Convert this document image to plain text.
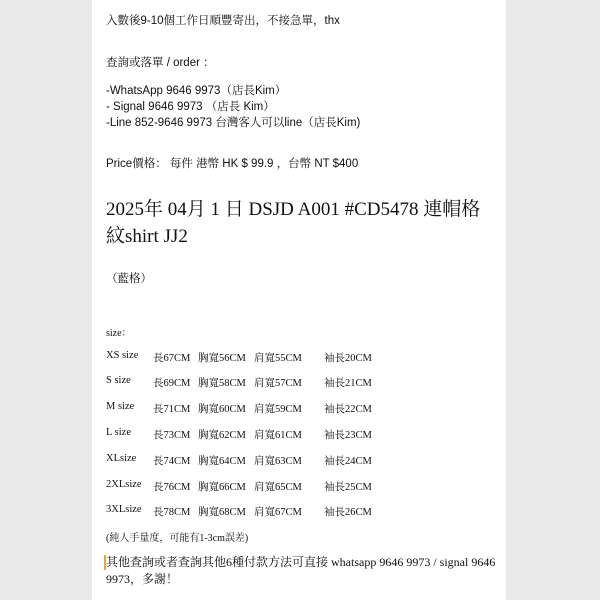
入數後9-10個工作日順豐寄出，不接急單，thx
查詢或落單 / order ：
-WhatsApp 9646 9973（店長Kim）
- Signal 9646 9973 （店長 Kim）
-Line 852-9646 9973 台灣客人可以line（店長Kim)
Price價格： 每件 港幣 HK $ 99.9 ，台幣 NT $400
2025年 04月 1 日 DSJD A001 #CD5478 連帽格紋shirt JJ2
（藍格）
size：
XS size 長67CM 胸寬56CM 肩寬55CM 袖長20CM
S size 長69CM 胸寬58CM 肩寬57CM 袖長21CM
M size 長71CM 胸寬60CM 肩寬59CM 袖長22CM
L size 長73CM 胸寬62CM 肩寬61CM 袖長23CM
XLsize 長74CM 胸寬64CM 肩寬63CM 袖長24CM
2XLsize 長76CM 胸寬66CM 肩寬65CM 袖長25CM
3XLsize 長78CM 胸寬68CM 肩寬67CM 袖長26CM
(純人手量度，可能有1-3cm誤差)
其他查詢或者查詢其他6種付款方法可直接 whatsapp 9646 9973 / signal 9646 9973，多謝！
